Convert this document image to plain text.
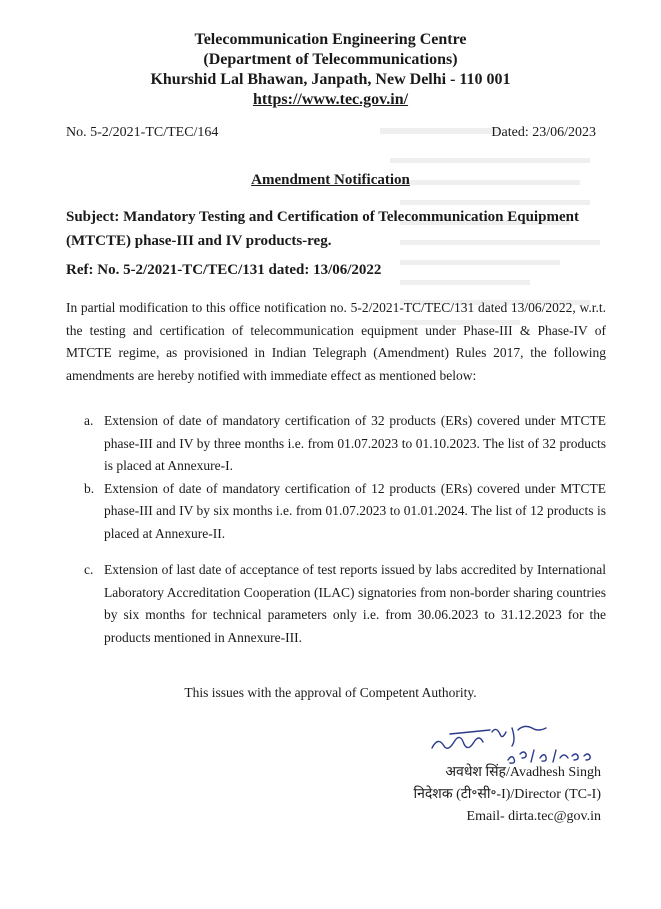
Telecommunication Engineering Centre
(Department of Telecommunications)
Khurshid Lal Bhawan, Janpath, New Delhi - 110 001
https://www.tec.gov.in/
No. 5-2/2021-TC/TEC/164	Dated: 23/06/2023
Amendment Notification
Subject: Mandatory Testing and Certification of Telecommunication Equipment (MTCTE) phase-III and IV products-reg.
Ref: No. 5-2/2021-TC/TEC/131 dated: 13/06/2022
In partial modification to this office notification no. 5-2/2021-TC/TEC/131 dated 13/06/2022, w.r.t. the testing and certification of telecommunication equipment under Phase-III & Phase-IV of MTCTE regime, as provisioned in Indian Telegraph (Amendment) Rules 2017, the following amendments are hereby notified with immediate effect as mentioned below:
a. Extension of date of mandatory certification of 32 products (ERs) covered under MTCTE phase-III and IV by three months i.e. from 01.07.2023 to 01.10.2023. The list of 32 products is placed at Annexure-I.
b. Extension of date of mandatory certification of 12 products (ERs) covered under MTCTE phase-III and IV by six months i.e. from 01.07.2023 to 01.01.2024. The list of 12 products is placed at Annexure-II.
c. Extension of last date of acceptance of test reports issued by labs accredited by International Laboratory Accreditation Cooperation (ILAC) signatories from non-border sharing countries by six months for technical parameters only i.e. from 30.06.2023 to 31.12.2023 for the products mentioned in Annexure-III.
This issues with the approval of Competent Authority.
अवधेश सिंह/Avadhesh Singh
निदेशक (टी॰सी॰-I)/Director (TC-I)
Email- dirta.tec@gov.in
